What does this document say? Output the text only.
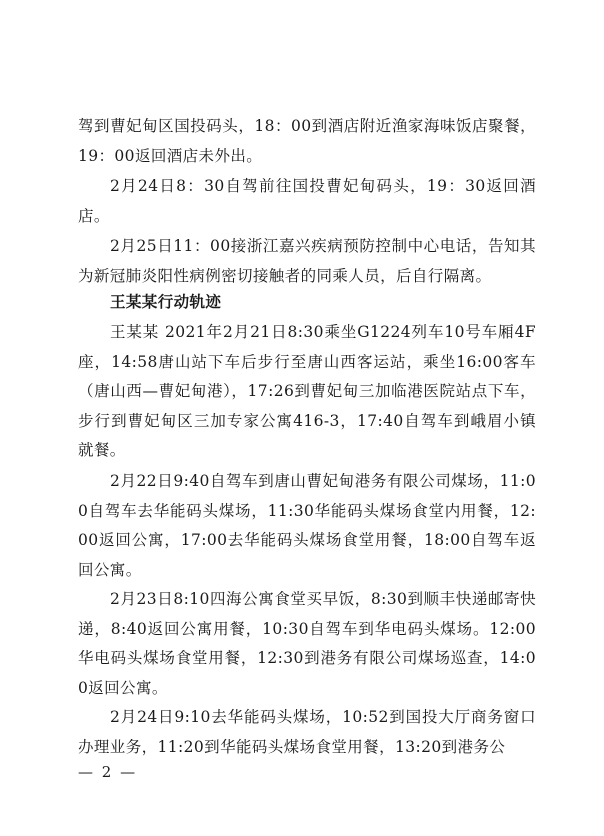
驾到曹妃甸区国投码头，18：00到酒店附近渔家海味饭店聚餐，19：00返回酒店未外出。

2月24日8：30自驾前往国投曹妃甸码头，19：30返回酒店。

2月25日11：00接浙江嘉兴疾病预防控制中心电话，告知其为新冠肺炎阳性病例密切接触者的同乘人员，后自行隔离。

王某某行动轨迹

王某某 2021年2月21日8:30乘坐G1224列车10号车厢4F座，14:58唐山站下车后步行至唐山西客运站，乘坐16:00客车（唐山西—曹妃甸港），17:26到曹妃甸三加临港医院站点下车，步行到曹妃甸区三加专家公寓416-3，17:40自驾车到峨眉小镇就餐。

2月22日9:40自驾车到唐山曹妃甸港务有限公司煤场，11:00自驾车去华能码头煤场，11:30华能码头煤场食堂内用餐，12:00返回公寓，17:00去华能码头煤场食堂用餐，18:00自驾车返回公寓。

2月23日8:10四海公寓食堂买早饭，8:30到顺丰快递邮寄快递，8:40返回公寓用餐，10:30自驾车到华电码头煤场。12:00华电码头煤场食堂用餐，12:30到港务有限公司煤场巡查，14:00返回公寓。

2月24日9:10去华能码头煤场，10:52到国投大厅商务窗口办理业务，11:20到华能码头煤场食堂用餐，13:20到港务公

— 2 —
